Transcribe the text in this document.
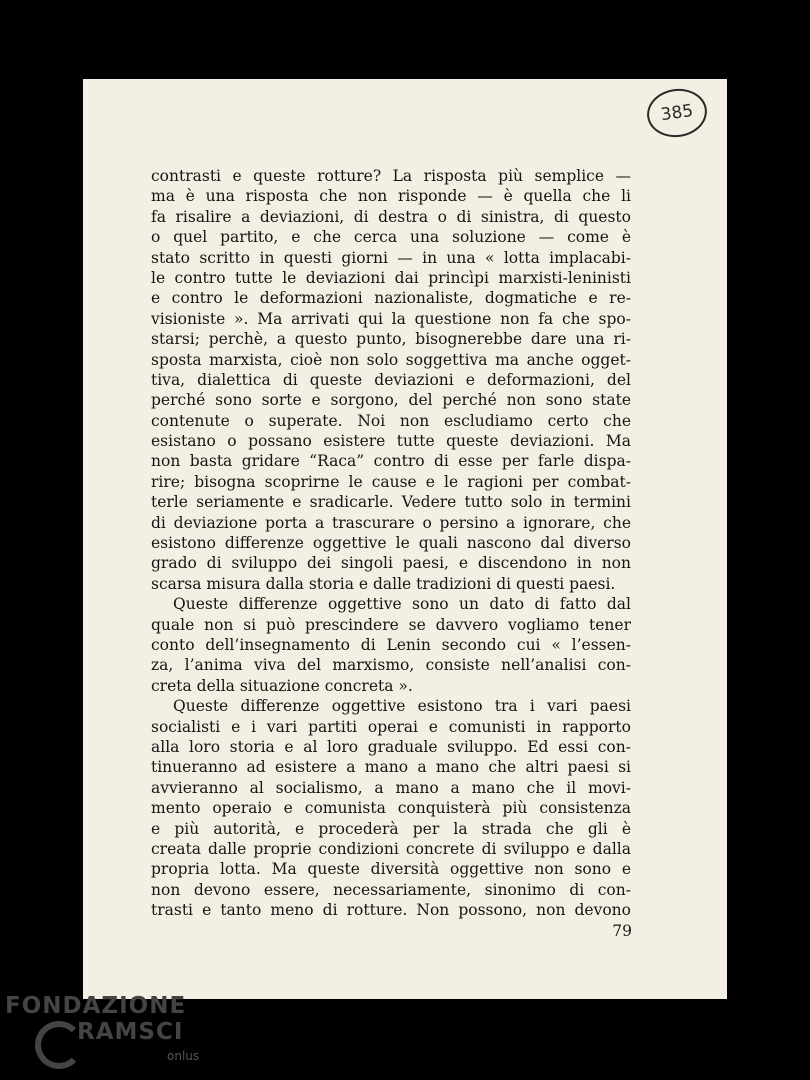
385
contrasti e queste rotture? La risposta più semplice —
ma è una risposta che non risponde — è quella che li
fa risalire a deviazioni, di destra o di sinistra, di questo
o quel partito, e che cerca una soluzione — come è
stato scritto in questi giorni — in una « lotta implacabi-
le contro tutte le deviazioni dai princìpi marxisti-leninisti
e contro le deformazioni nazionaliste, dogmatiche e re-
visioniste ». Ma arrivati qui la questione non fa che spo-
starsi; perchè, a questo punto, bisognerebbe dare una ri-
sposta marxista, cioè non solo soggettiva ma anche ogget-
tiva, dialettica di queste deviazioni e deformazioni, del
perché sono sorte e sorgono, del perché non sono state
contenute o superate. Noi non escludiamo certo che
esistano o possano esistere tutte queste deviazioni. Ma
non basta gridare “Raca” contro di esse per farle dispa-
rire; bisogna scoprirne le cause e le ragioni per combat-
terle seriamente e sradicarle. Vedere tutto solo in termini
di deviazione porta a trascurare o persino a ignorare, che
esistono differenze oggettive le quali nascono dal diverso
grado di sviluppo dei singoli paesi, e discendono in non
scarsa misura dalla storia e dalle tradizioni di questi paesi.
Queste differenze oggettive sono un dato di fatto dal
quale non si può prescindere se davvero vogliamo tener
conto dell’insegnamento di Lenin secondo cui « l’essen-
za, l’anima viva del marxismo, consiste nell’analisi con-
creta della situazione concreta ».
Queste differenze oggettive esistono tra i vari paesi
socialisti e i vari partiti operai e comunisti in rapporto
alla loro storia e al loro graduale sviluppo. Ed essi con-
tinueranno ad esistere a mano a mano che altri paesi si
avvieranno al socialismo, a mano a mano che il movi-
mento operaio e comunista conquisterà più consistenza
e più autorità, e procederà per la strada che gli è
creata dalle proprie condizioni concrete di sviluppo e dalla
propria lotta. Ma queste diversità oggettive non sono e
non devono essere, necessariamente, sinonimo di con-
trasti e tanto meno di rotture. Non possono, non devono
79
FONDAZIONE
RAMSCI
onlus
